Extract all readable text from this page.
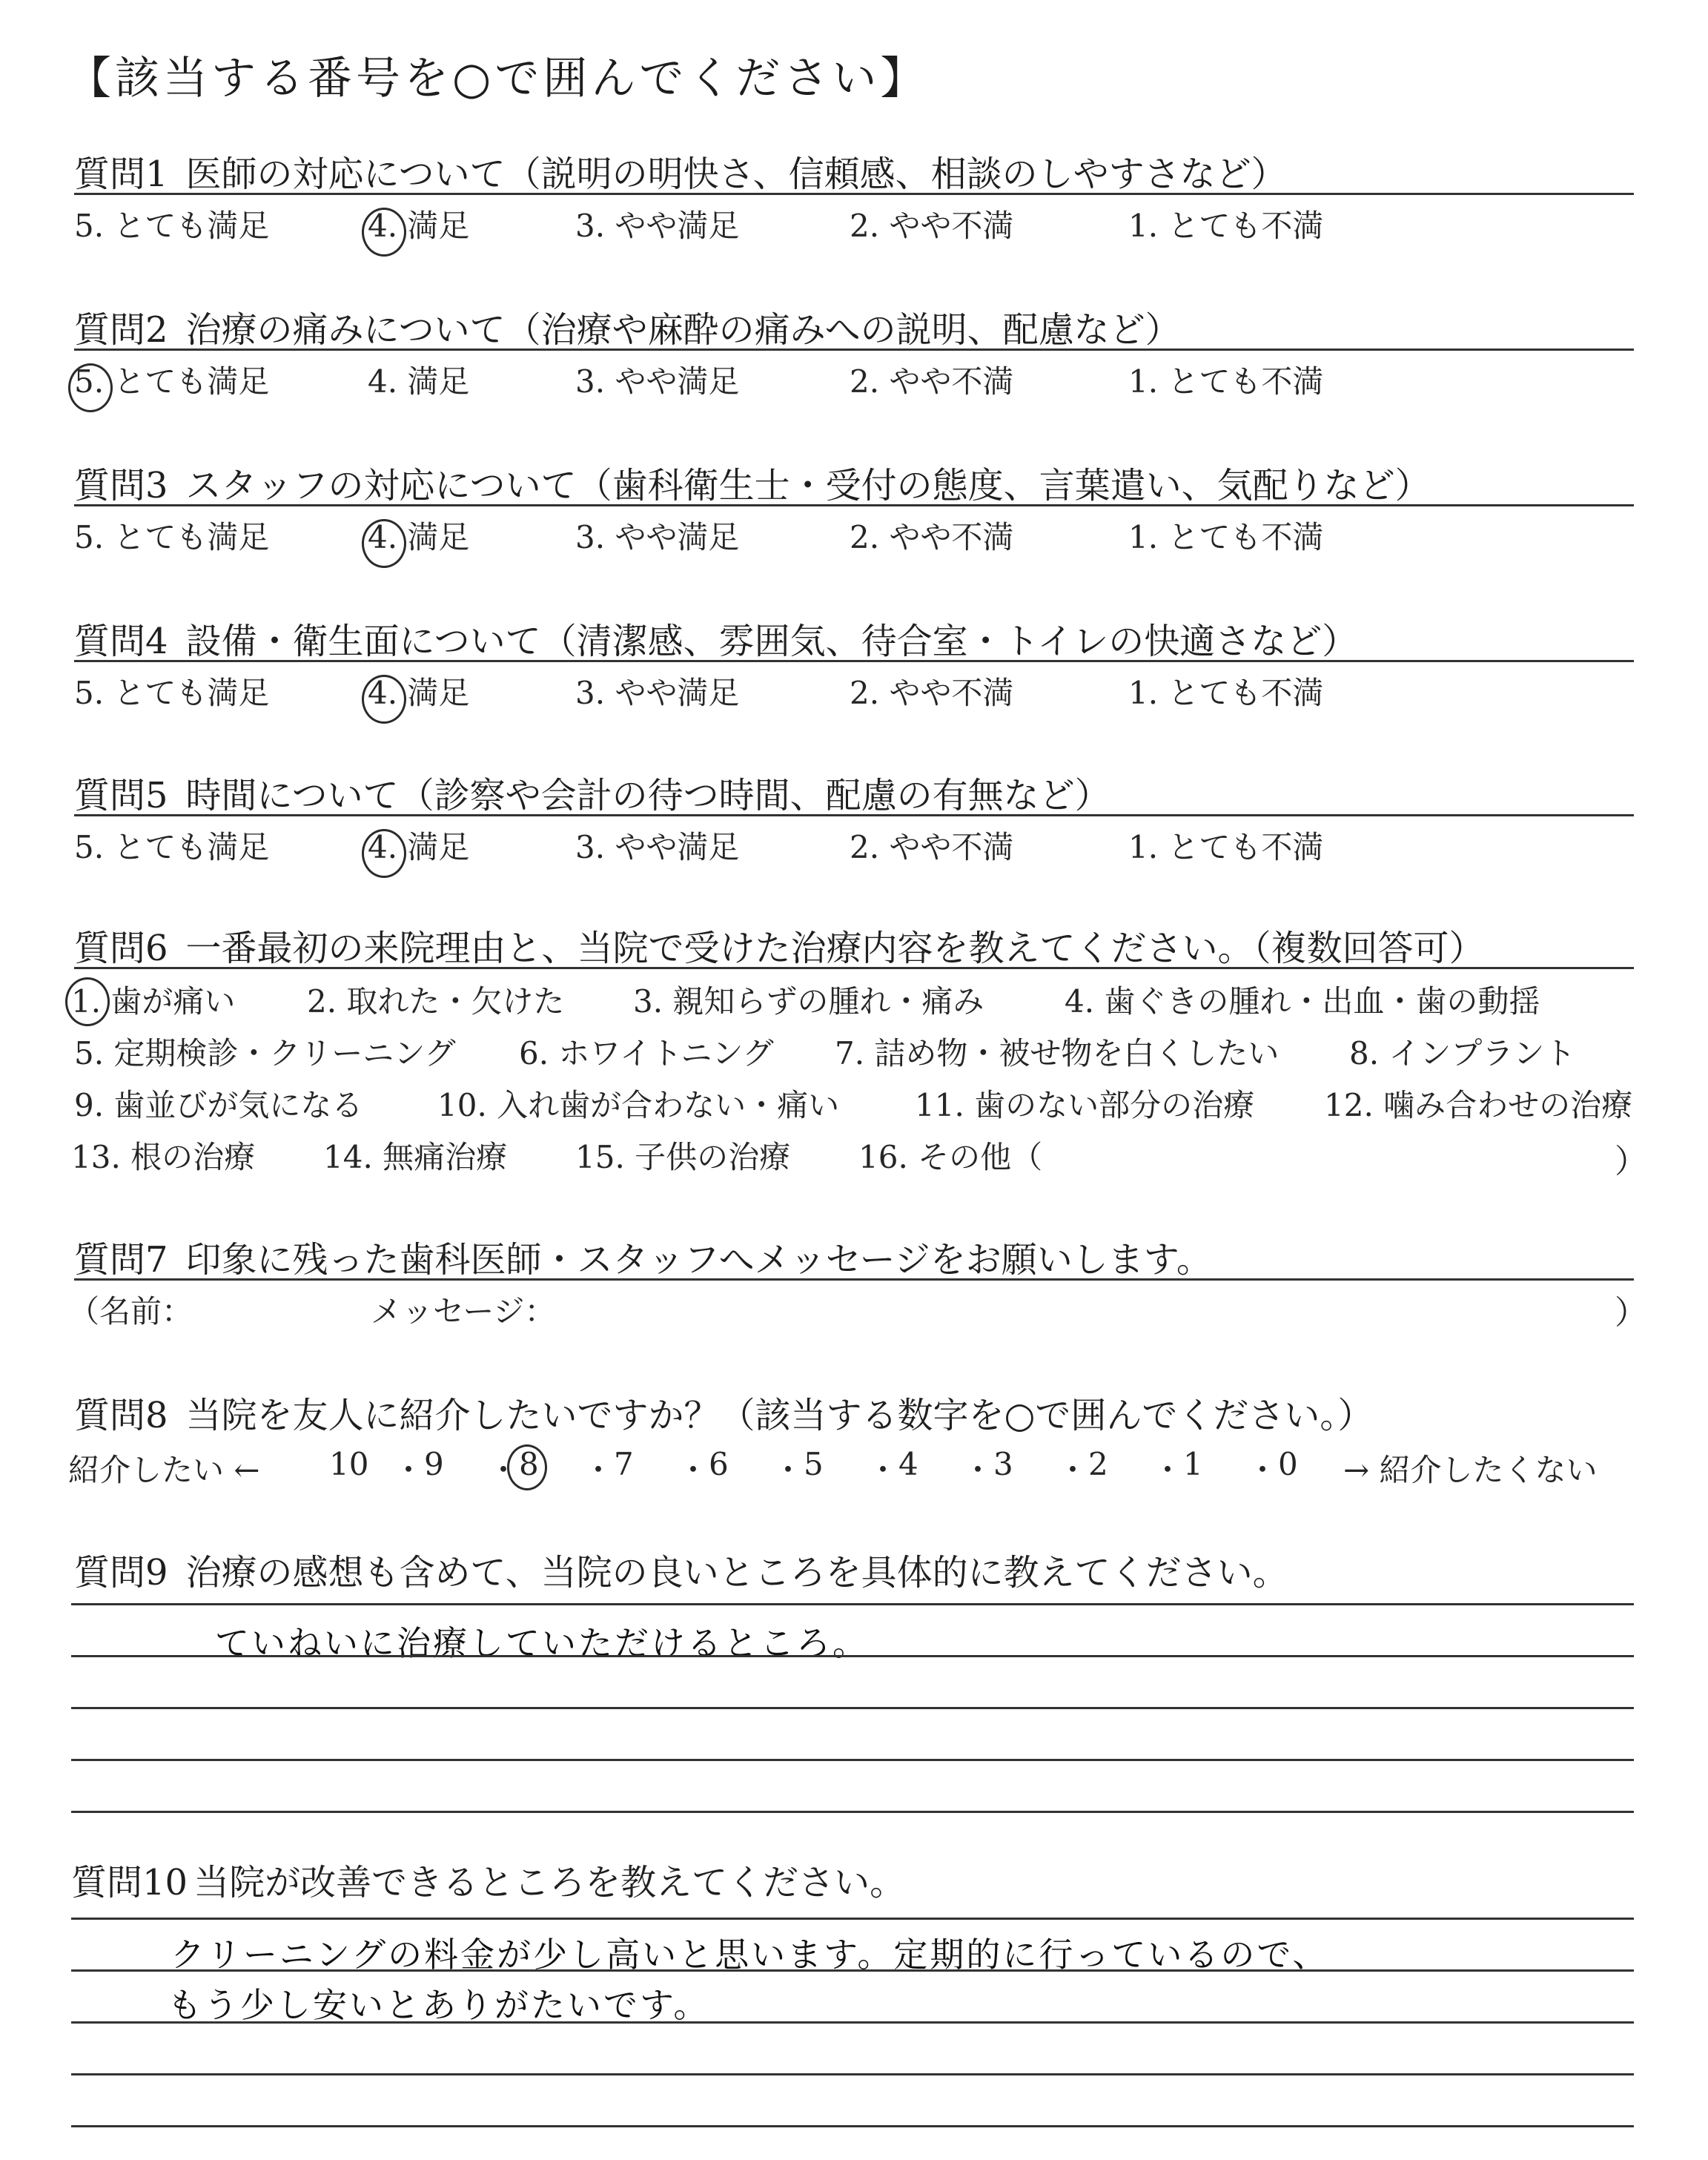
【該当する番号を○で囲んでください】
質問1 医師の対応について（説明の明快さ、信頼感、相談のしやすさなど）
5. とても満足	4. 満足	3. やや満足	2. やや不満	1. とても不満
質問2 治療の痛みについて（治療や麻酔の痛みへの説明、配慮など）
5. とても満足	4. 満足	3. やや満足	2. やや不満	1. とても不満
質問3 スタッフの対応について（歯科衛生士・受付の態度、言葉遣い、気配りなど）
5. とても満足	4. 満足	3. やや満足	2. やや不満	1. とても不満
質問4 設備・衛生面について（清潔感、雰囲気、待合室・トイレの快適さなど）
5. とても満足	4. 満足	3. やや満足	2. やや不満	1. とても不満
質問5 時間について（診察や会計の待つ時間、配慮の有無など）
5. とても満足	4. 満足	3. やや満足	2. やや不満	1. とても不満
質問6 一番最初の来院理由と、当院で受けた治療内容を教えてください。（複数回答可）
1. 歯が痛い 2. 取れた・欠けた 3. 親知らずの腫れ・痛み	4. 歯ぐきの腫れ・出血・歯の動揺
5. 定期検診・クリーニング 6. ホワイトニング 7. 詰め物・被せ物を白くしたい 8. インプラント
9. 歯並びが気になる 10. 入れ歯が合わない・痛い 11. 歯のない部分の治療 12. 噛み合わせの治療
13. 根の治療 14. 無痛治療 15. 子供の治療 16. その他（	）
質問7 印象に残った歯科医師・スタッフへメッセージをお願いします。
（名前：	メッセージ：	）
質問8 当院を友人に紹介したいですか？（該当する数字を○で囲んでください。）
紹介したい ← 10 ・ 9 ・ 8 ・ 7 ・ 6 ・ 5 ・ 4 ・ 3 ・ 2 ・ 1 ・ 0 → 紹介したくない
質問9 治療の感想も含めて、当院の良いところを具体的に教えてください。
ていねいに治療していただけるところ。
質問10 当院が改善できるところを教えてください。
クリーニングの料金が少し高いと思います。定期的に行っているので、
もう少し安いとありがたいです。
